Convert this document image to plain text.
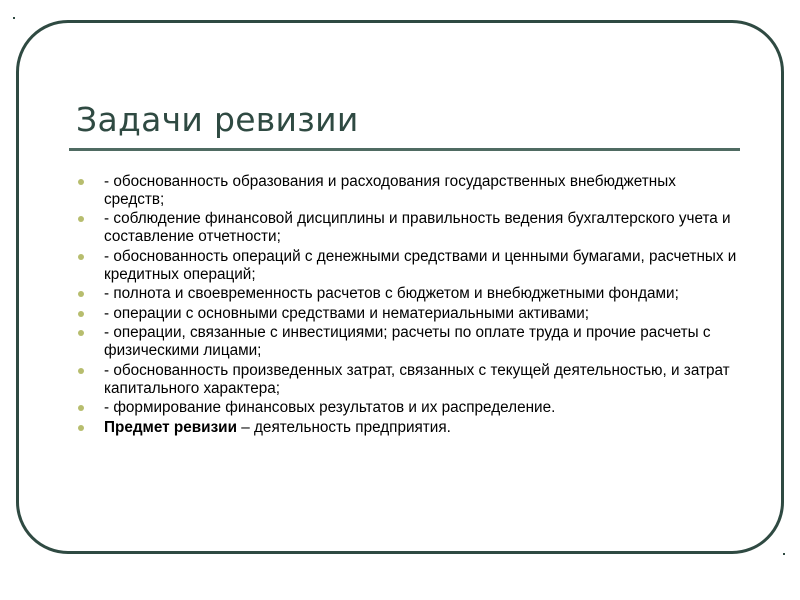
Задачи ревизии
- обоснованность образования и расходования государственных внебюджетных средств;
- соблюдение финансовой дисциплины и правильность ведения бухгалтерского учета и составление отчетности;
- обоснованность операций с денежными средствами и ценными бумагами, расчетных и кредитных операций;
- полнота и своевременность расчетов с бюджетом и внебюджетными фондами;
- операции с основными средствами и нематериальными активами;
- операции, связанные с инвестициями; расчеты по оплате труда и прочие расчеты с физическими лицами;
- обоснованность произведенных затрат, связанных с текущей деятельностью, и затрат капитального характера;
- формирование финансовых результатов и их распределение.
Предмет ревизии – деятельность предприятия.
